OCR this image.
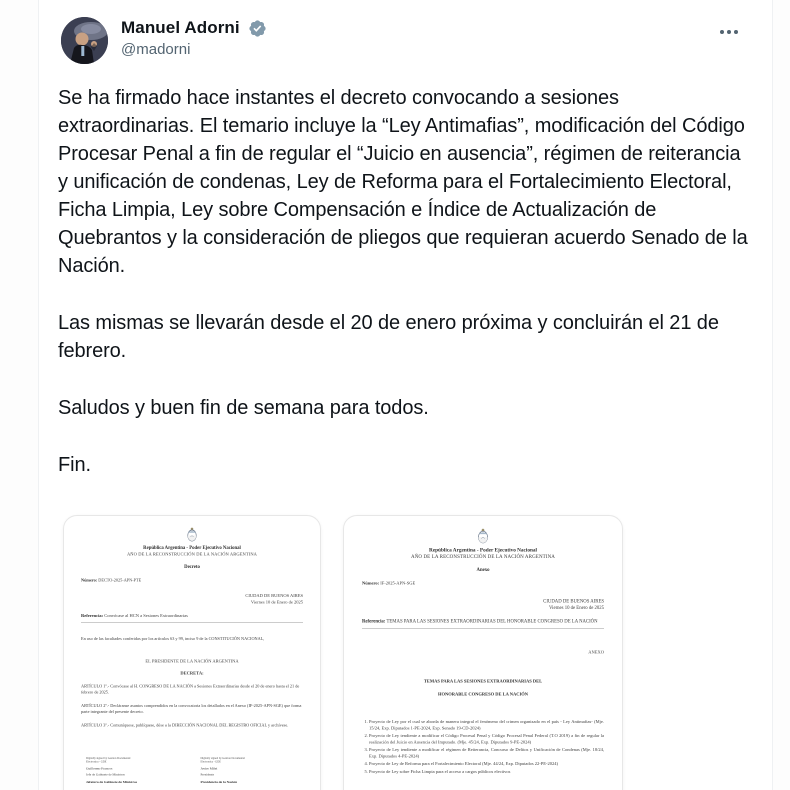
Manuel Adorni
@madorni

Se ha firmado hace instantes el decreto convocando a sesiones extraordinarias. El temario incluye la “Ley Antimafias”, modificación del Código Procesar Penal a fin de regular el “Juicio en ausencia”, régimen de reiterancia y unificación de condenas, Ley de Reforma para el Fortalecimiento Electoral, Ficha Limpia, Ley sobre Compensación e Índice de Actualización de Quebrantos y la consideración de pliegos que requieran acuerdo Senado de la Nación.

Las mismas se llevarán desde el 20 de enero próxima y concluirán el 21 de febrero.

Saludos y buen fin de semana para todos.

Fin.

República Argentina - Poder Ejecutivo Nacional
AÑO DE LA RECONSTRUCCIÓN DE LA NACIÓN ARGENTINA
Decreto
Número: DECTO-2025-APN-PTE
CIUDAD DE BUENOS AIRES
Viernes 10 de Enero de 2025
Referencia: Convócase al HCN a Sesiones Extraordinarias
En uso de las facultades conferidas por los artículos 63 y 99, inciso 9 de la CONSTITUCIÓN NACIONAL,
EL PRESIDENTE DE LA NACIÓN ARGENTINA
DECRETA:
ARTÍCULO 1º.- Convócase al H. CONGRESO DE LA NACIÓN a Sesiones Extraordinarias desde el 20 de enero hasta el 21 de febrero de 2025.
ARTÍCULO 2º.- Decláranse asuntos comprendidos en la convocatoria los detallados en el Anexo (IF-2025-APN-SGE) que forma parte integrante del presente decreto.
ARTÍCULO 3º.- Comuníquese, publíquese, dése a la DIRECCIÓN NACIONAL DEL REGISTRO OFICIAL y archívese.
Digitally signed by Gestion Documental
Electronica - GDE
Guillermo Francos
Jefe de Gabinete de Ministros
Jefatura de Gabinete de Ministros
Digitally signed by Gestion Documental
Electronica - GDE
Javier Milei
Presidente
Presidencia de la Nación
República Argentina - Poder Ejecutivo Nacional
AÑO DE LA RECONSTRUCCIÓN DE LA NACIÓN ARGENTINA
Anexo
Número: IF-2025-APN-SGE
CIUDAD DE BUENOS AIRES
Viernes 10 de Enero de 2025
Referencia: TEMAS PARA LAS SESIONES EXTRAORDINARIAS DEL HONORABLE CONGRESO DE LA NACIÓN
ANEXO
TEMAS PARA LAS SESIONES EXTRAORDINARIAS DEL
HONORABLE CONGRESO DE LA NACIÓN
1. Proyecto de Ley por el cual se aborda de manera integral el fenómeno del crimen organizado en el país - Ley Antimafias- (Mje. 15/24, Exp. Diputados 1-PE-2024, Exp. Senado 19-CD-2024)
2. Proyecto de Ley tendiente a modificar el Código Procesal Penal y Código Procesal Penal Federal (T.O 2019) a fin de regular la realización del Juicio en Ausencia del Imputado. (Mje. 45/24, Exp. Diputados 9-PE-2024)
3. Proyecto de Ley tendiente a modificar el régimen de Reiterancia, Concurso de Delitos y Unificación de Condenas (Mje. 18/24, Exp. Diputados 4-PE-2024)
4. Proyecto de Ley de Reforma para el Fortalecimiento Electoral (Mje. 44/24, Exp. Diputados 22-PE-2024)
5. Proyecto de Ley sobre Ficha Limpia para el acceso a cargos públicos electivos
